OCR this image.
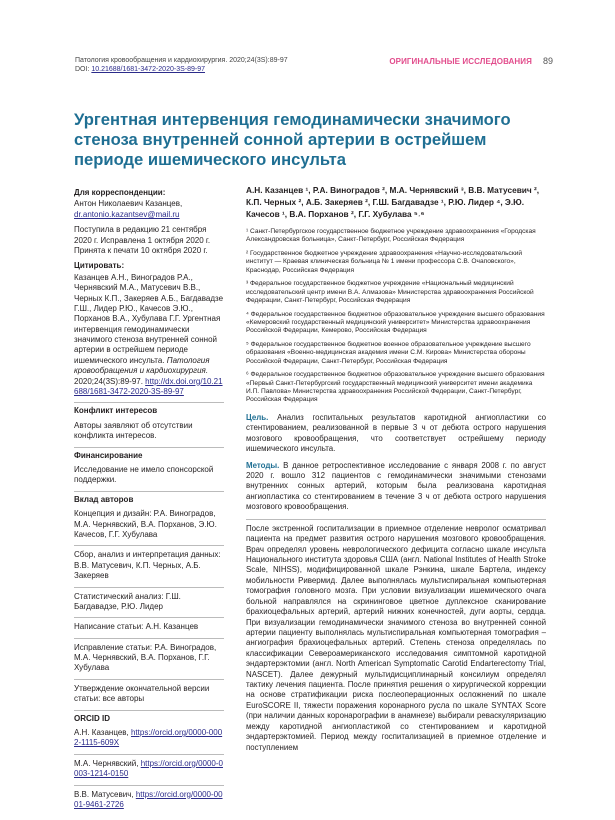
Патология кровообращения и кардиохирургия. 2020;24(3S):89-97
DOI: 10.21688/1681-3472-2020-3S-89-97
ОРИГИНАЛЬНЫЕ ИССЛЕДОВАНИЯ 89
Ургентная интервенция гемодинамически значимого стеноза внутренней сонной артерии в острейшем периоде ишемического инсульта
Для корреспонденции:

Антон Николаевич Казанцев,

dr.antonio.kazantsev@mail.ru

Поступила в редакцию 21 сентября 2020 г. Исправлена 1 октября 2020 г. Принята к печати 10 октября 2020 г.

Цитировать:

Казанцев А.Н., Виноградов Р.А., Чернявский М.А., Матусевич В.В., Черных К.П., Закеряев А.Б., Багдавадзе Г.Ш., Лидер Р.Ю., Качесов Э.Ю., Порханов В.А., Хубулава Г.Г. Ургентная интервенция гемодинамически значимого стеноза внутренней сонной артерии в острейшем периоде ишемического инсульта. Патология кровообращения и кардиохирургия. 2020;24(3S):89-97. http://dx.doi.org/10.21688/1681-3472-2020-3S-89-97

Конфликт интересов

Авторы заявляют об отсутствии конфликта интересов.

Финансирование

Исследование не имело спонсорской поддержки.

Вклад авторов

Концепция и дизайн: Р.А. Виноградов, М.А. Чернявский, В.А. Порханов, Э.Ю. Качесов, Г.Г. Хубулава

Сбор, анализ и интерпретация данных: В.В. Матусевич, К.П. Черных, А.Б. Закеряев

Статистический анализ: Г.Ш. Багдавадзе, Р.Ю. Лидер

Написание статьи: А.Н. Казанцев

Исправление статьи: Р.А. Виноградов, М.А. Чернявский, В.А. Порханов, Г.Г. Хубулава

Утверждение окончательной версии статьи: все авторы

ORCID ID

А.Н. Казанцев, https://orcid.org/0000-0002-1115-609X

М.А. Чернявский, https://orcid.org/0000-0003-1214-0150

В.В. Матусевич, https://orcid.org/0000-0001-9461-2726

А.Н. Казанцев ¹, Р.А. Виноградов ², М.А. Чернявский ³, В.В. Матусевич ², К.П. Черных ², А.Б. Закеряев ², Г.Ш. Багдавадзе ¹, Р.Ю. Лидер ⁴, Э.Ю. Качесов ¹, В.А. Порханов ², Г.Г. Хубулава ⁵˒⁶

¹ Санкт-Петербургское государственное бюджетное учреждение здравоохранения «Городская Александровская больница», Санкт-Петербург, Российская Федерация

² Государственное бюджетное учреждение здравоохранения «Научно-исследовательский институт — Краевая клиническая больница № 1 имени профессора С.В. Очаповского», Краснодар, Российская Федерация

³ Федеральное государственное бюджетное учреждение «Национальный медицинский исследовательский центр имени В.А. Алмазова» Министерства здравоохранения Российской Федерации, Санкт-Петербург, Российская Федерация

⁴ Федеральное государственное бюджетное образовательное учреждение высшего образования «Кемеровский государственный медицинский университет» Министерства здравоохранения Российской Федерации, Кемерово, Российская Федерация

⁵ Федеральное государственное бюджетное военное образовательное учреждение высшего образования «Военно-медицинская академия имени С.М. Кирова» Министерства обороны Российской Федерации, Санкт-Петербург, Российская Федерация

⁶ Федеральное государственное бюджетное образовательное учреждение высшего образования «Первый Санкт-Петербургский государственный медицинский университет имени академика И.П. Павлова» Министерства здравоохранения Российской Федерации, Санкт-Петербург, Российская Федерация

Цель. Анализ госпитальных результатов каротидной ангиопластики со стентированием, реализованной в первые 3 ч от дебюта острого нарушения мозгового кровообращения, что соответствует острейшему периоду ишемического инсульта.

Методы. В данное ретроспективное исследование с января 2008 г. по август 2020 г. вошло 312 пациентов с гемодинамически значимыми стенозами внутренних сонных артерий, которым была реализована каротидная ангиопластика со стентированием в течение 3 ч от дебюта острого нарушения мозгового кровообращения.

После экстренной госпитализации в приемное отделение невролог осматривал пациента на предмет развития острого нарушения мозгового кровообращения. Врач определял уровень неврологического дефицита согласно шкале инсульта Национального института здоровья США (англ. National Institutes of Health Stroke Scale, NIHSS), модифицированной шкале Рэнкина, шкале Бартела, индексу мобильности Ривермид. Далее выполнялась мультиспиральная компьютерная томография головного мозга. При условии визуализации ишемического очага больной направлялся на скрининговое цветное дуплексное сканирование брахиоцефальных артерий, артерий нижних конечностей, дуги аорты, сердца. При визуализации гемодинамически значимого стеноза во внутренней сонной артерии пациенту выполнялась мультиспиральная компьютерная томография – ангиография брахиоцефальных артерий. Степень стеноза определялась по классификации Североамериканского исследования симптомной каротидной эндартерэктомии (англ. North American Symptomatic Carotid Endarterectomy Trial, NASCET). Далее дежурный мультидисциплинарный консилиум определял тактику лечения пациента. После принятия решения о хирургической коррекции на основе стратификации риска послеоперационных осложнений по шкале EuroSCORE II, тяжести поражения коронарного русла по шкале SYNTAX Score (при наличии данных коронарографии в анамнезе) выбирали реваскуляризацию между каротидной ангиопластикой со стентированием и каротидной эндартерэктомией. Период между госпитализацией в приемное отделение и поступлением
